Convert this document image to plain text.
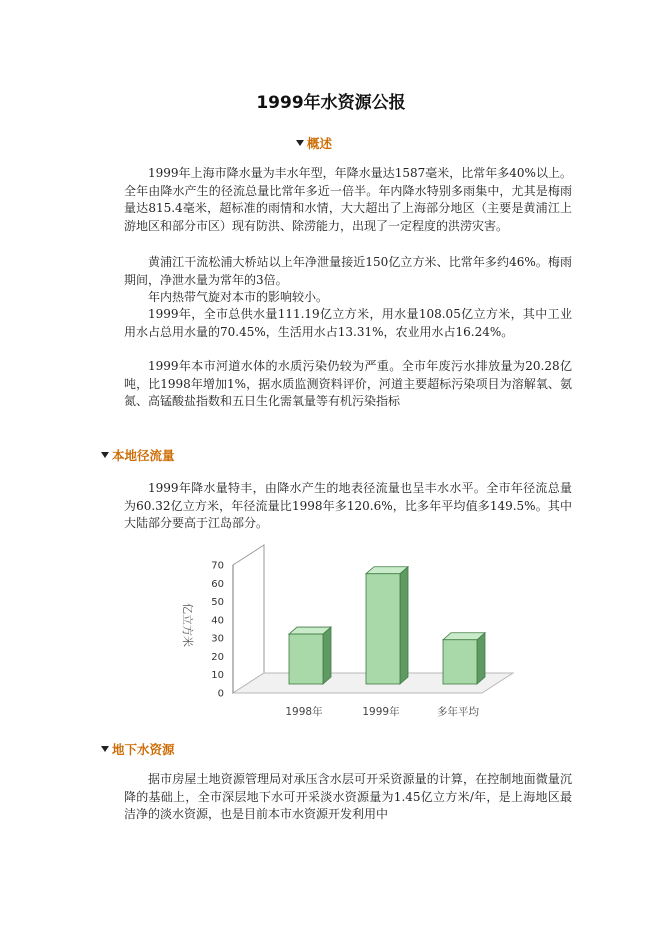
1999年水资源公报
概述

1999年上海市降水量为丰水年型，年降水量达1587毫米，比常年多40%以上。全年由降水产生的径流总量比常年多近一倍半。年内降水特别多雨集中，尤其是梅雨量达815.4毫米，超标准的雨情和水情，大大超出了上海部分地区（主要是黄浦江上游地区和部分市区）现有防洪、除涝能力，出现了一定程度的洪涝灾害。

黄浦江干流松浦大桥站以上年净泄量接近150亿立方米、比常年多约46%。梅雨期间，净泄水量为常年的3倍。

年内热带气旋对本市的影响较小。

1999年，全市总供水量111.19亿立方米，用水量108.05亿立方米，其中工业用水占总用水量的70.45%，生活用水占13.31%，农业用水占16.24%。

1999年本市河道水体的水质污染仍较为严重。全市年废污水排放量为20.28亿吨，比1998年增加1%，据水质监测资料评价，河道主要超标污染项目为溶解氧、氨氮、高锰酸盐指数和五日生化需氧量等有机污染指标

本地径流量

1999年降水量特丰，由降水产生的地表径流量也呈丰水水平。全市年径流总量为60.32亿立方米，年径流量比1998年多120.6%，比多年平均值多149.5%。其中大陆部分要高于江岛部分。

0
10
20
30
40
50
60
70
亿立方米
1998年	1999年	多年平均
地下水资源

据市房屋土地资源管理局对承压含水层可开采资源量的计算，在控制地面微量沉降的基础上，全市深层地下水可开采淡水资源量为1.45亿立方米/年，是上海地区最洁净的淡水资源，也是目前本市水资源开发利用中
